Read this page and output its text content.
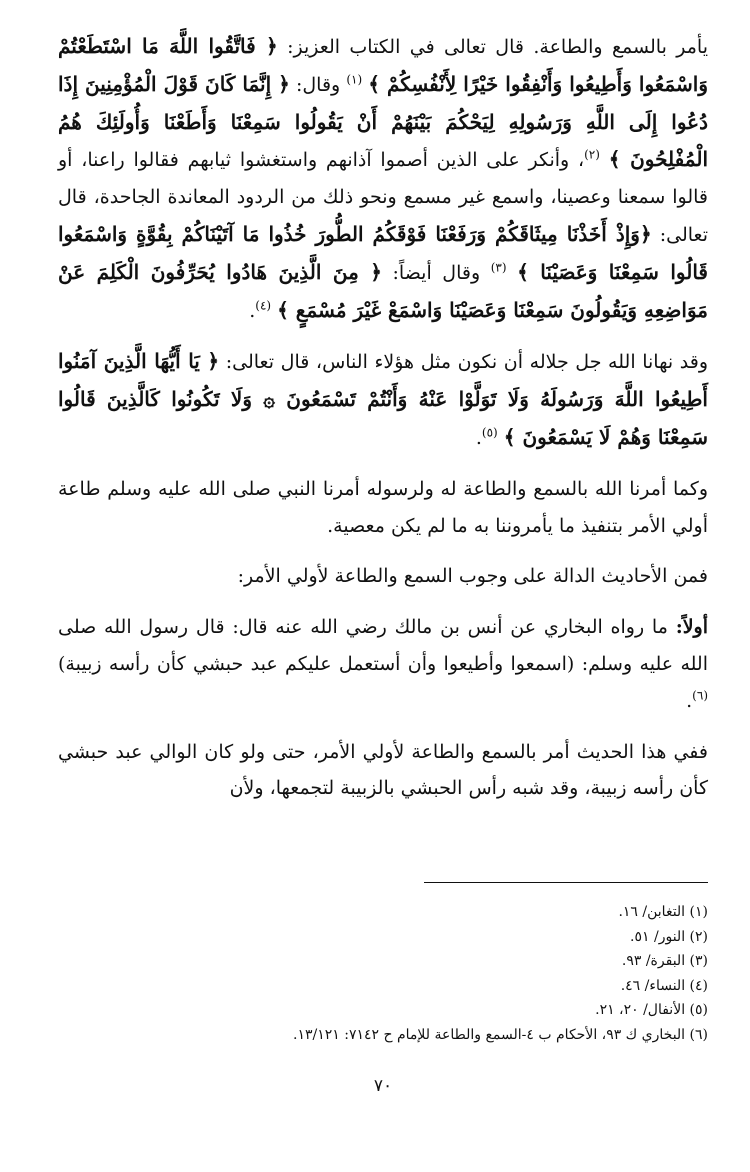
يأمر بالسمع والطاعة. قال تعالى في الكتاب العزيز: ﴿ فَاتَّقُوا اللَّهَ مَا اسْتَطَعْتُمْ وَاسْمَعُوا وَأَطِيعُوا وَأَنْفِقُوا خَيْرًا لِأَنْفُسِكُمْ ﴾ $^{(١)}$ وقال: ﴿ إِنَّمَا كَانَ قَوْلَ الْمُؤْمِنِينَ إِذَا دُعُوا إِلَى اللَّهِ وَرَسُولِهِ لِيَحْكُمَ بَيْنَهُمْ أَنْ يَقُولُوا سَمِعْنَا وَأَطَعْنَا وَأُولَئِكَ هُمُ الْمُفْلِحُونَ ﴾ $^{(٢)}$، وأنكر على الذين أصموا آذانهم واستغشوا ثيابهم فقالوا راعنا، أو قالوا سمعنا وعصينا، واسمع غير مسمع ونحو ذلك من الردود المعاندة الجاحدة، قال تعالى: ﴿وَإِذْ أَخَذْنَا مِيثَاقَكُمْ وَرَفَعْنَا فَوْقَكُمُ الطُّورَ خُذُوا مَا آتَيْنَاكُمْ بِقُوَّةٍ وَاسْمَعُوا قَالُوا سَمِعْنَا وَعَصَيْنَا ﴾ $^{(٣)}$ وقال أيضاً: ﴿ مِنَ الَّذِينَ هَادُوا يُحَرِّفُونَ الْكَلِمَ عَنْ مَوَاضِعِهِ وَيَقُولُونَ سَمِعْنَا وَعَصَيْنَا وَاسْمَعْ غَيْرَ مُسْمَعٍ ﴾ $^{(٤)}$.

وقد نهانا الله جل جلاله أن نكون مثل هؤلاء الناس، قال تعالى: ﴿ يَا أَيُّهَا الَّذِينَ آمَنُوا أَطِيعُوا اللَّهَ وَرَسُولَهُ وَلَا تَوَلَّوْا عَنْهُ وَأَنْتُمْ تَسْمَعُونَ ۞ وَلَا تَكُونُوا كَالَّذِينَ قَالُوا سَمِعْنَا وَهُمْ لَا يَسْمَعُونَ ﴾ $^{(٥)}$.

وكما أمرنا الله بالسمع والطاعة له ولرسوله أمرنا النبي صلى الله عليه وسلم طاعة أولي الأمر بتنفيذ ما يأمروننا به ما لم يكن معصية.

فمن الأحاديث الدالة على وجوب السمع والطاعة لأولي الأمر:

أولاً: ما رواه البخاري عن أنس بن مالك رضي الله عنه قال: قال رسول الله صلى الله عليه وسلم: (اسمعوا وأطيعوا وأن أستعمل عليكم عبد حبشي كأن رأسه زبيبة)$^{(٦)}$.

ففي هذا الحديث أمر بالسمع والطاعة لأولي الأمر، حتى ولو كان الوالي عبد حبشي كأن رأسه زبيبة، وقد شبه رأس الحبشي بالزبيبة لتجمعها، ولأن

(١) التغابن/ ١٦.
(٢) النور/ ٥١.
(٣) البقرة/ ٩٣.
(٤) النساء/ ٤٦.
(٥) الأنفال/ ٢٠، ٢١.
(٦) البخاري ك ٩٣، الأحكام ب ٤-السمع والطاعة للإمام ح ٧١٤٢: ١٣/١٢١.
٧٠
